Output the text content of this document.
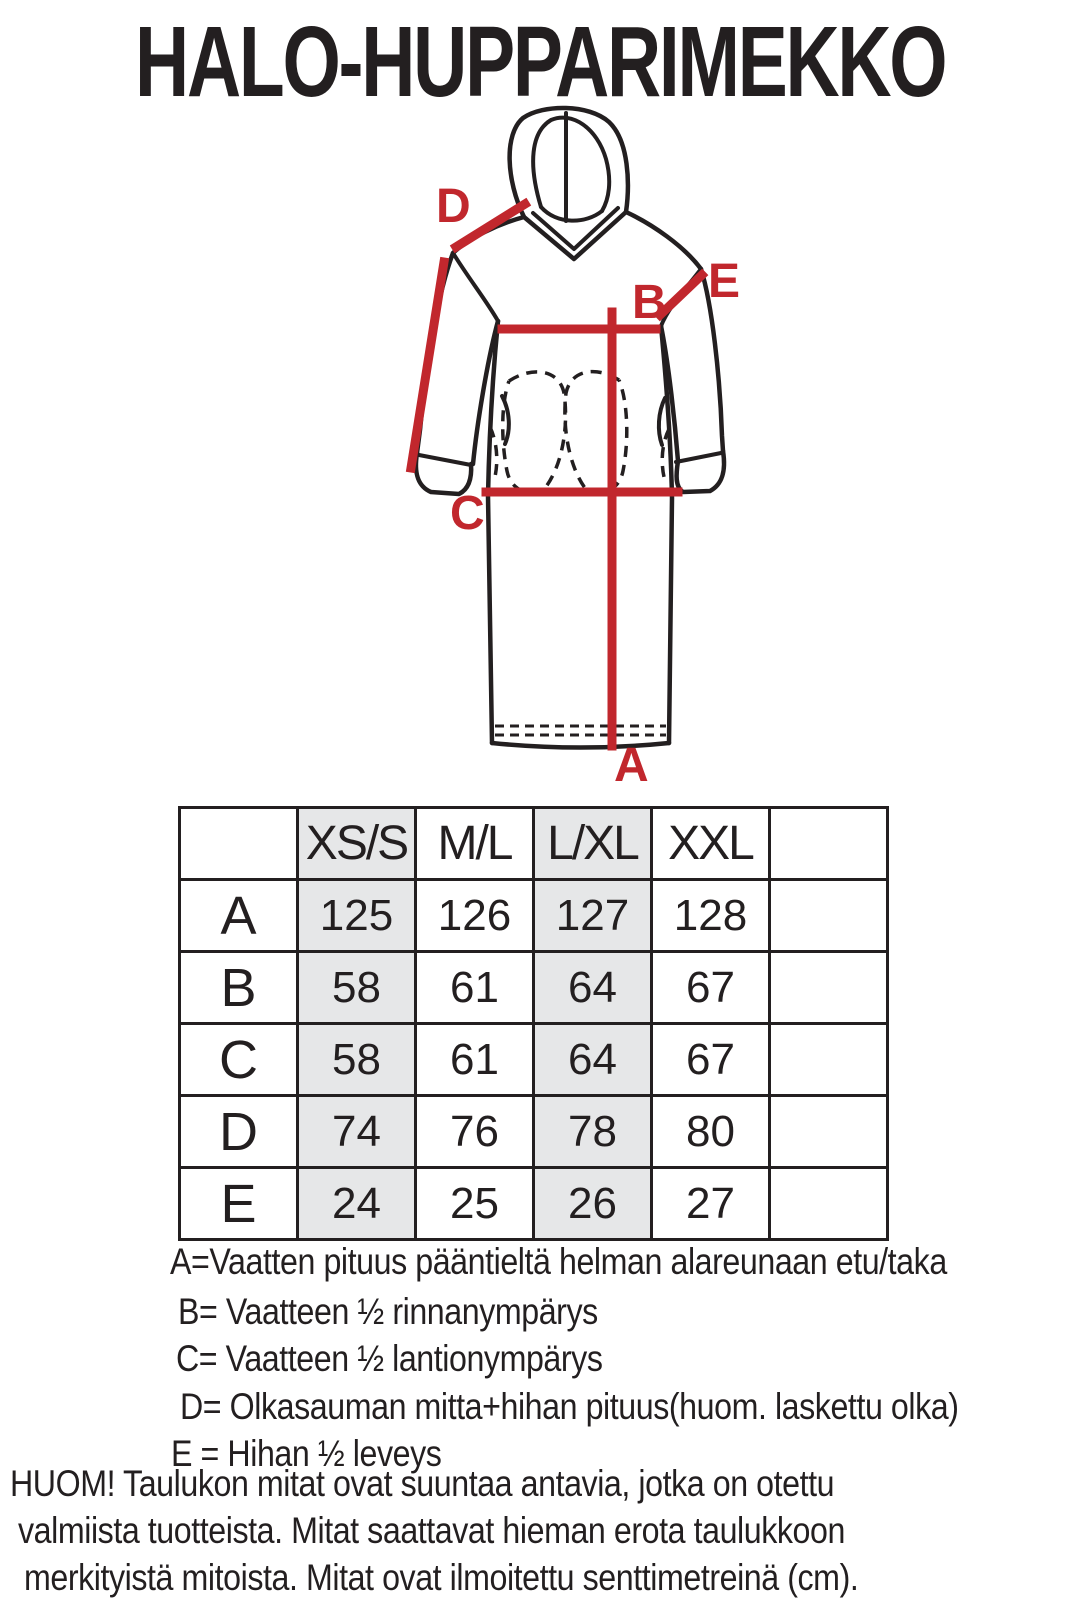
HALO-HUPPARIMEKKO
D
B E
C
A
	XS/S	M/L	L/XL	XXL	
A	125	126	127	128	
B	58	61	64	67	
C	58	61	64	67	
D	74	76	78	80	
E	24	25	26	27	
A=Vaatten pituus pääntieltä helman alareunaan etu/taka
B= Vaatteen ½ rinnanympärys
C= Vaatteen ½ lantionympärys
D= Olkasauman mitta+hihan pituus(huom. laskettu olka)
E = Hihan ½ leveys
HUOM! Taulukon mitat ovat suuntaa antavia, jotka on otettu
valmiista tuotteista. Mitat saattavat hieman erota taulukkoon
merkityistä mitoista. Mitat ovat ilmoitettu senttimetreinä (cm).
